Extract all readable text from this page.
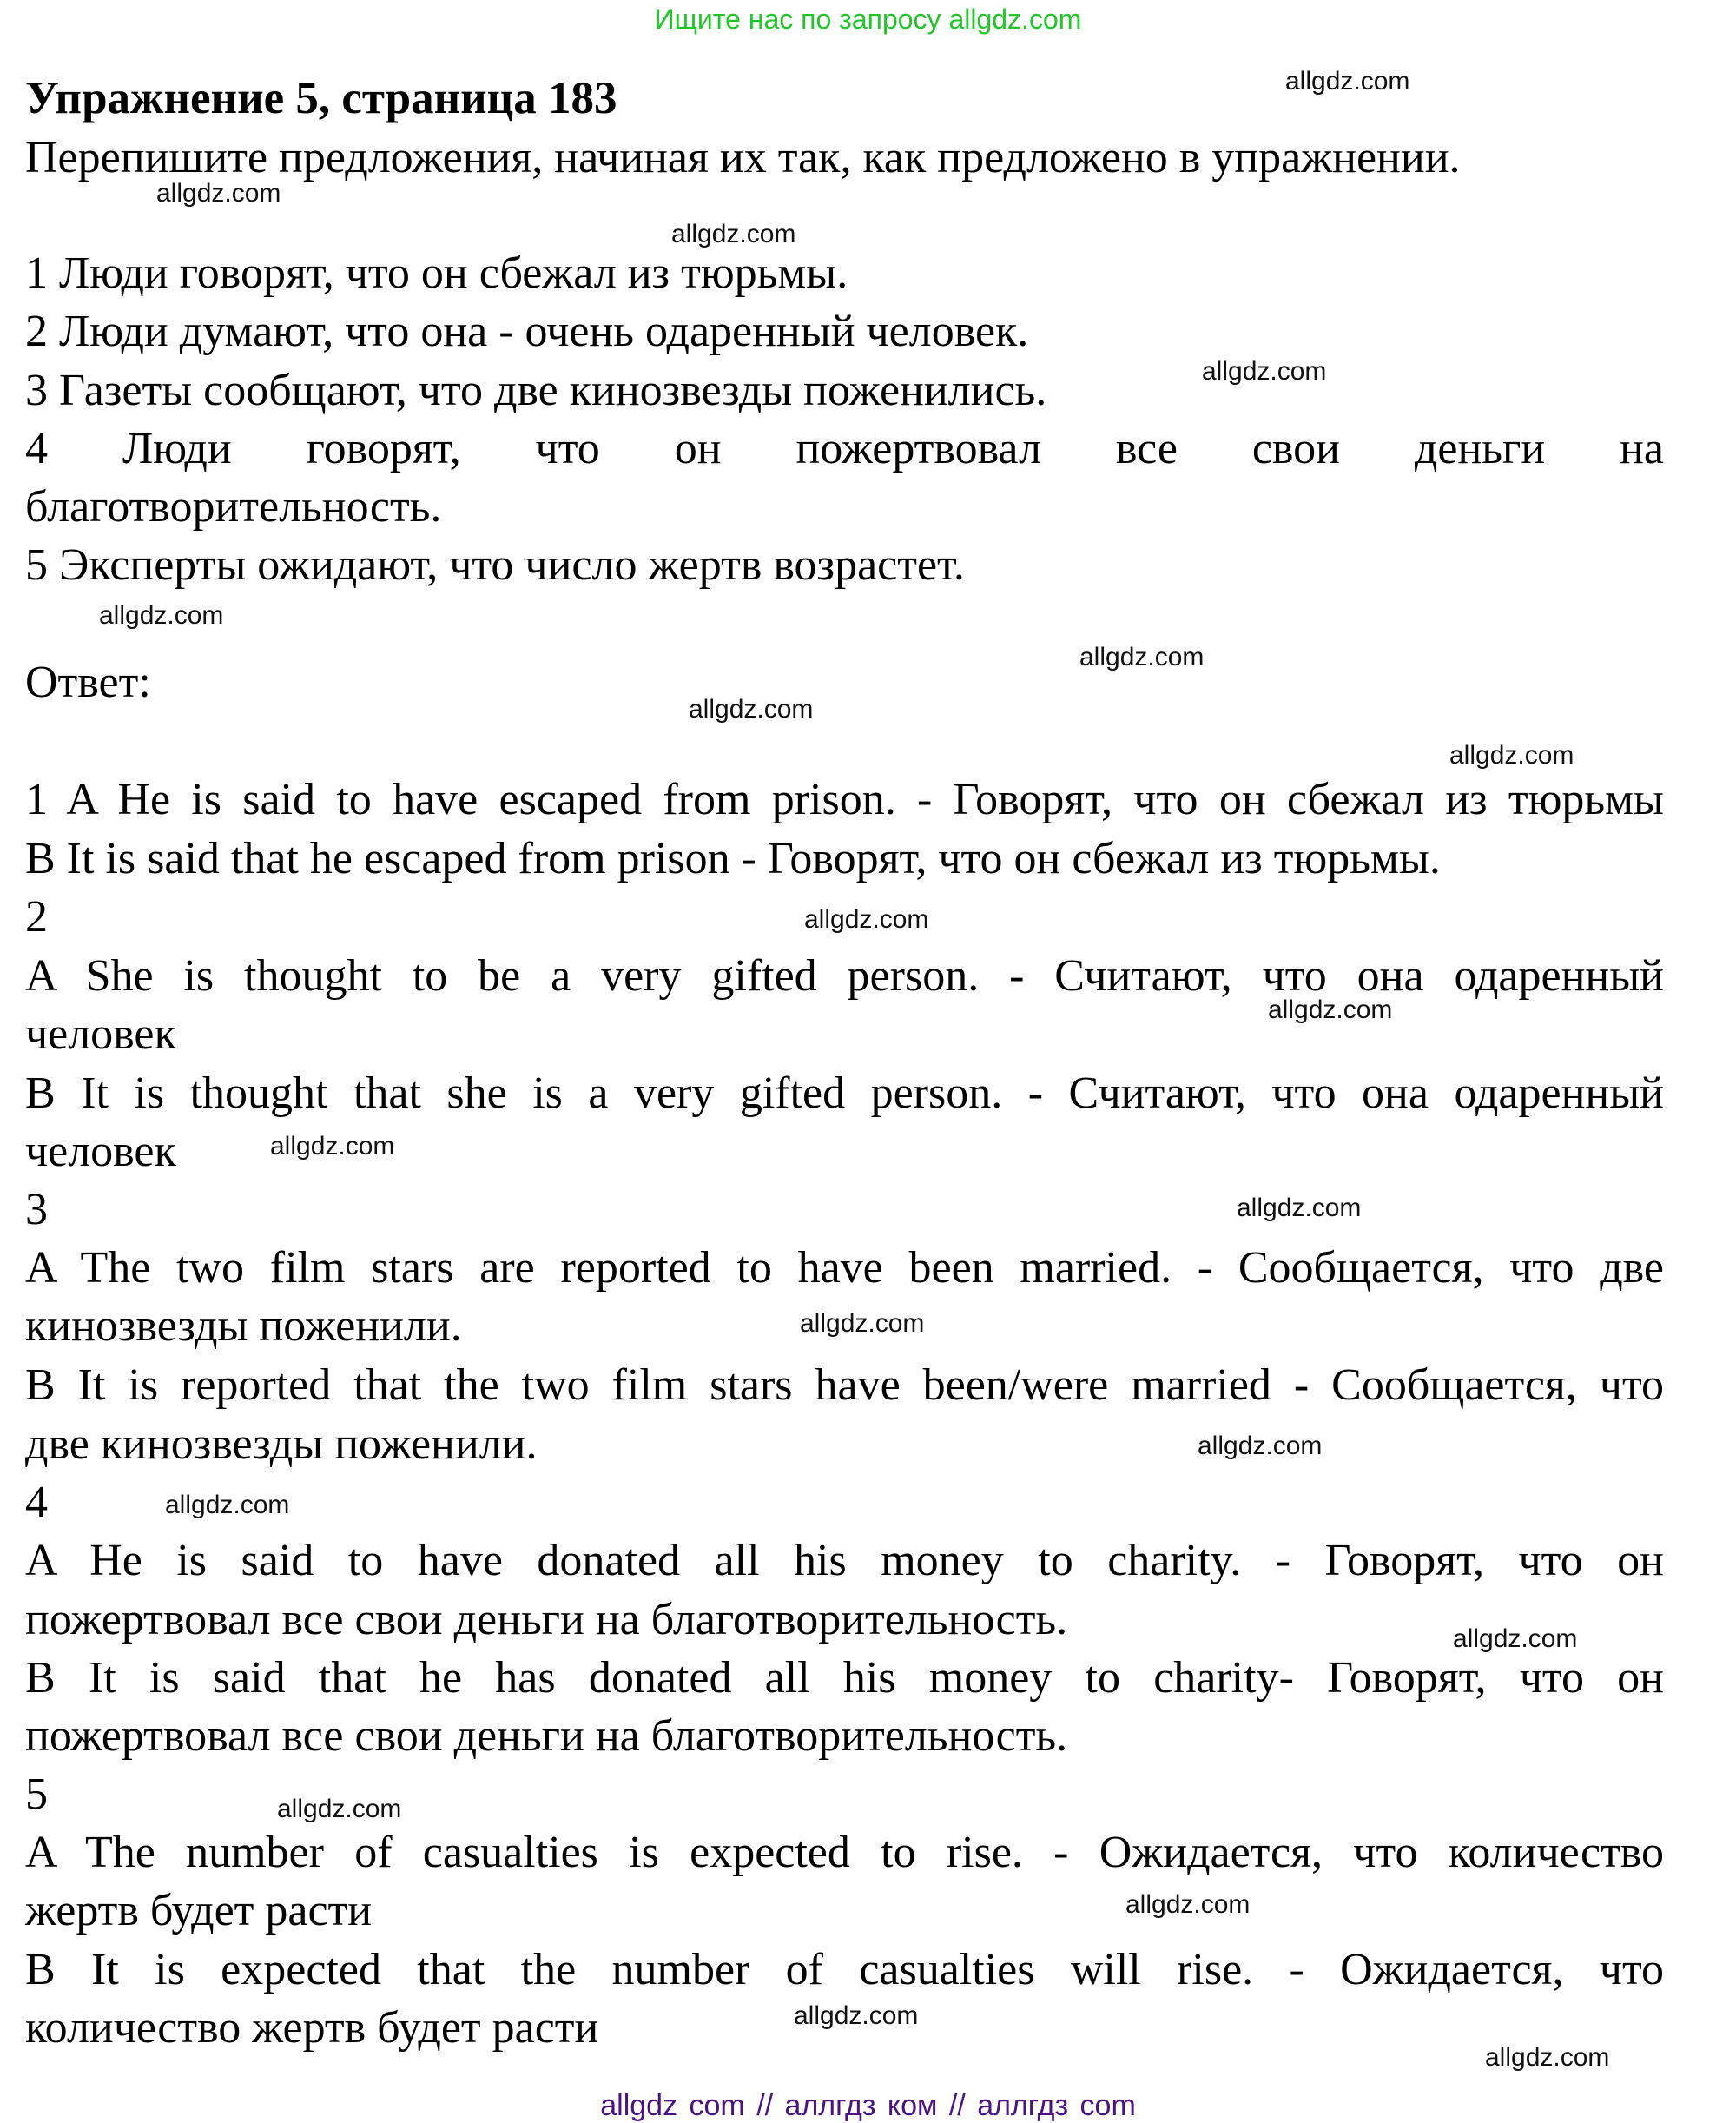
Ищите нас по запросу allgdz.com
Упражнение 5, страница 183
Перепишите предложения, начиная их так, как предложено в упражнении.
1 Люди говорят, что он сбежал из тюрьмы.
2 Люди думают, что она - очень одаренный человек.
3 Газеты сообщают, что две кинозвезды поженились.
4 Люди говорят, что он пожертвовал все свои деньги на
благотворительность.
5 Эксперты ожидают, что число жертв возрастет.
Ответ:
1 A He is said to have escaped from prison. - Говорят, что он сбежал из тюрьмы
B It is said that he escaped from prison - Говорят, что он сбежал из тюрьмы.
2
A She is thought to be a very gifted person. - Считают, что она одаренный
человек
B It is thought that she is a very gifted person. - Считают, что она одаренный
человек
3
A The two film stars are reported to have been married. - Сообщается, что две
кинозвезды поженили.
B It is reported that the two film stars have been/were married - Сообщается, что
две кинозвезды поженили.
4
A He is said to have donated all his money to charity. - Говорят, что он
пожертвовал все свои деньги на благотворительность.
B It is said that he has donated all his money to charity- Говорят, что он
пожертвовал все свои деньги на благотворительность.
5
A The number of casualties is expected to rise. - Ожидается, что количество
жертв будет расти
B It is expected that the number of casualties will rise. - Ожидается, что
количество жертв будет расти
allgdz.com
allgdz.com
allgdz.com
allgdz.com
allgdz.com
allgdz.com
allgdz.com
allgdz.com
allgdz.com
allgdz.com
allgdz.com
allgdz.com
allgdz.com
allgdz.com
allgdz.com
allgdz.com
allgdz.com
allgdz.com
allgdz.com
allgdz.com
allgdz com // аллгдз ком // аллгдз com
